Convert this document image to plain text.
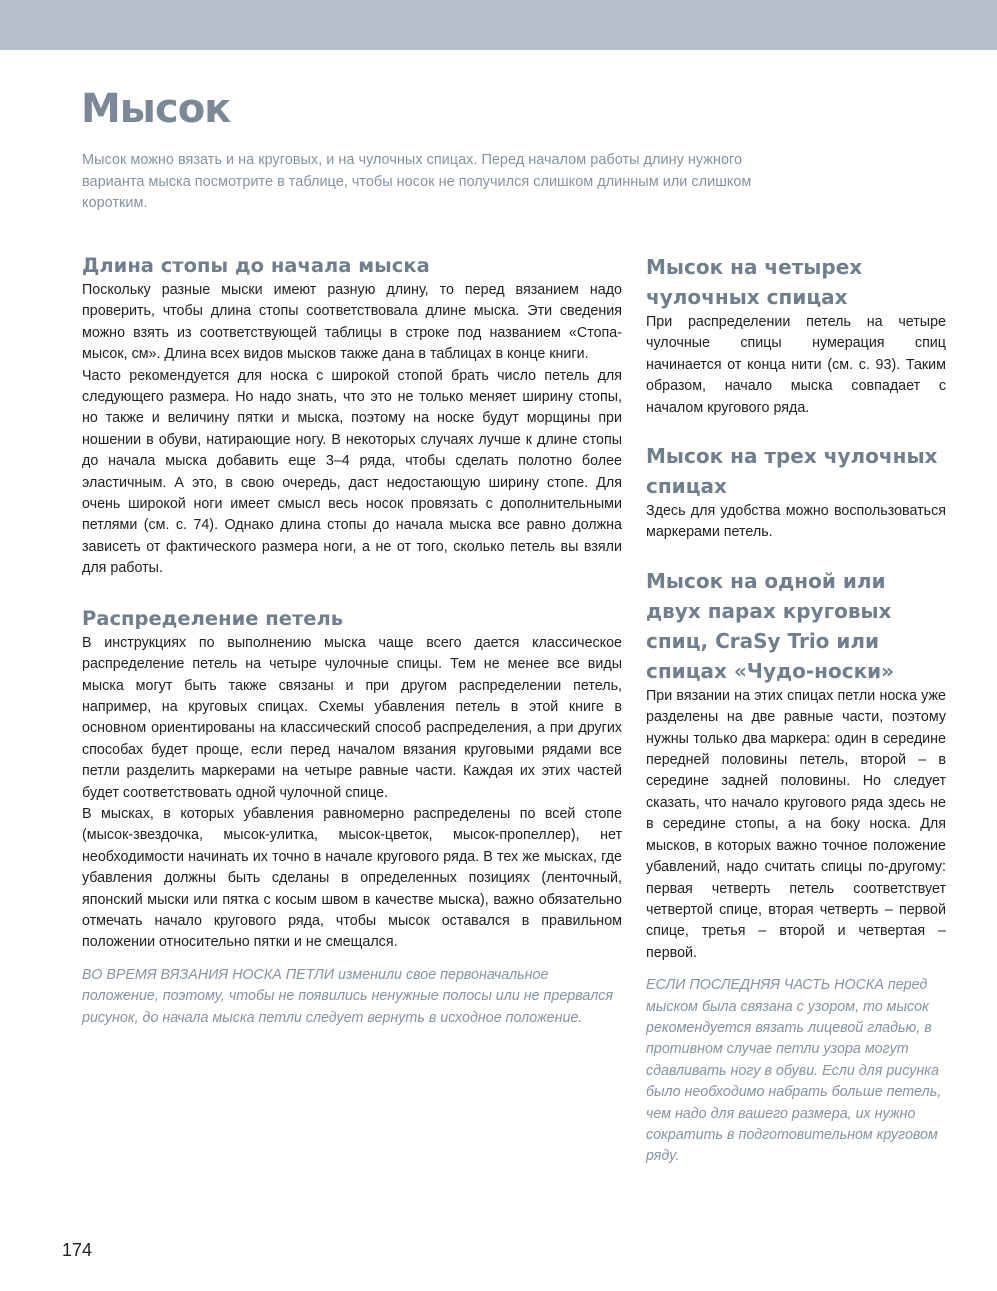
Мысок

Мысок можно вязать и на круговых, и на чулочных спицах. Перед началом работы длину нужного варианта мыска посмотрите в таблице, чтобы носок не получился слишком длинным или слишком коротким.

Длина стопы до начала мыска

Поскольку разные мыски имеют разную длину, то перед вязанием надо проверить, чтобы длина стопы соответствовала длине мыска. Эти сведения можно взять из соответствующей таблицы в строке под названием «Стопа-мысок, см». Длина всех видов мысков также дана в таблицах в конце книги.

Часто рекомендуется для носка с широкой стопой брать число петель для следующего размера. Но надо знать, что это не только меняет ширину стопы, но также и величину пятки и мыска, поэтому на носке будут морщины при ношении в обуви, натирающие ногу. В некоторых случаях лучше к длине стопы до начала мыска добавить еще 3–4 ряда, чтобы сделать полотно более эластичным. А это, в свою очередь, даст недостающую ширину стопе. Для очень широкой ноги имеет смысл весь носок провязать с дополнительными петлями (см. с. 74). Однако длина стопы до начала мыска все равно должна зависеть от фактического размера ноги, а не от того, сколько петель вы взяли для работы.

Распределение петель

В инструкциях по выполнению мыска чаще всего дается классическое распределение петель на четыре чулочные спицы. Тем не менее все виды мыска могут быть также связаны и при другом распределении петель, например, на круговых спицах. Схемы убавления петель в этой книге в основном ориентированы на классический способ распределения, а при других способах будет проще, если перед началом вязания круговыми рядами все петли разделить маркерами на четыре равные части. Каждая их этих частей будет соответствовать одной чулочной спице.

В мысках, в которых убавления равномерно распределены по всей стопе (мысок-звездочка, мысок-улитка, мысок-цветок, мысок-пропеллер), нет необходимости начинать их точно в начале кругового ряда. В тех же мысках, где убавления должны быть сделаны в определенных позициях (ленточный, японский мыски или пятка с косым швом в качестве мыска), важно обязательно отмечать начало кругового ряда, чтобы мысок оставался в правильном положении относительно пятки и не смещался.

ВО ВРЕМЯ ВЯЗАНИЯ НОСКА ПЕТЛИ изменили свое первоначальное положение, поэтому, чтобы не появились ненужные полосы или не прервался рисунок, до начала мыска петли следует вернуть в исходное положение.

Мысок на четырех чулочных спицах

При распределении петель на четыре чулочные спицы нумерация спиц начинается от конца нити (см. с. 93). Таким образом, начало мыска совпадает с началом кругового ряда.

Мысок на трех чулочных спицах

Здесь для удобства можно воспользоваться маркерами петель.

Мысок на одной или двух парах круговых спиц, CraSy Trio или спицах «Чудо-носки»

При вязании на этих спицах петли носка уже разделены на две равные части, поэтому нужны только два маркера: один в середине передней половины петель, второй – в середине задней половины. Но следует сказать, что начало кругового ряда здесь не в середине стопы, а на боку носка. Для мысков, в которых важно точное положение убавлений, надо считать спицы по-другому: первая четверть петель соответствует четвертой спице, вторая четверть – первой спице, третья – второй и четвертая – первой.

ЕСЛИ ПОСЛЕДНЯЯ ЧАСТЬ НОСКА перед мыском была связана с узором, то мысок рекомендуется вязать лицевой гладью, в противном случае петли узора могут сдавливать ногу в обуви. Если для рисунка было необходимо набрать больше петель, чем надо для вашего размера, их нужно сократить в подготовительном круговом ряду.

174
